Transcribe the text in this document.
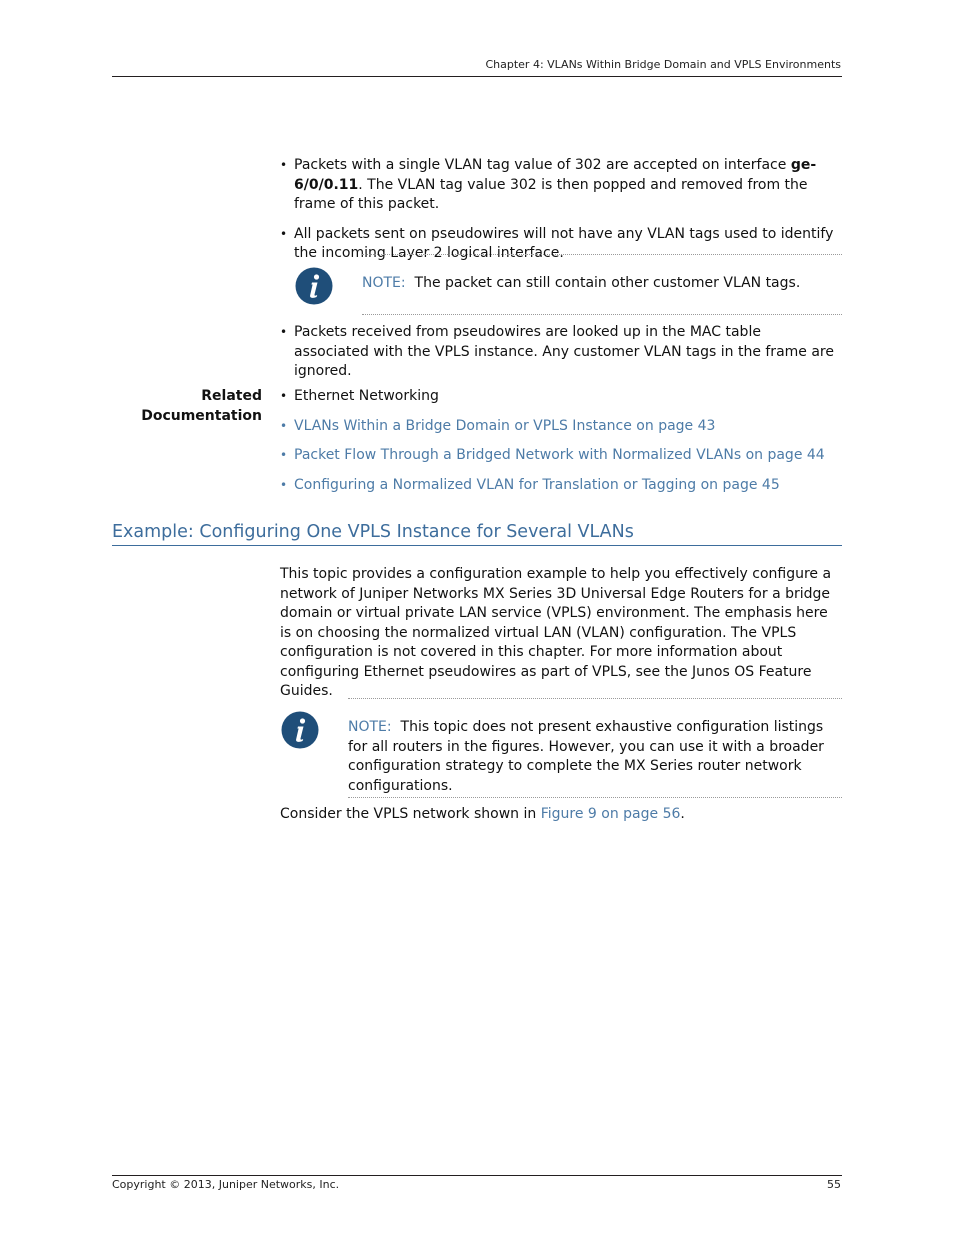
Chapter 4: VLANs Within Bridge Domain and VPLS Environments
• Packets with a single VLAN tag value of 302 are accepted on interface ge-6/0/0.11. The VLAN tag value 302 is then popped and removed from the frame of this packet.
• All packets sent on pseudowires will not have any VLAN tags used to identify the incoming Layer 2 logical interface.
NOTE: The packet can still contain other customer VLAN tags.
• Packets received from pseudowires are looked up in the MAC table associated with the VPLS instance. Any customer VLAN tags in the frame are ignored.
Related
Documentation
• Ethernet Networking
• VLANs Within a Bridge Domain or VPLS Instance on page 43
• Packet Flow Through a Bridged Network with Normalized VLANs on page 44
• Configuring a Normalized VLAN for Translation or Tagging on page 45
Example: Configuring One VPLS Instance for Several VLANs
This topic provides a configuration example to help you effectively configure a network of Juniper Networks MX Series 3D Universal Edge Routers for a bridge domain or virtual private LAN service (VPLS) environment. The emphasis here is on choosing the normalized virtual LAN (VLAN) configuration. The VPLS configuration is not covered in this chapter. For more information about configuring Ethernet pseudowires as part of VPLS, see the Junos OS Feature Guides.
NOTE: This topic does not present exhaustive configuration listings for all routers in the figures. However, you can use it with a broader configuration strategy to complete the MX Series router network configurations.
Consider the VPLS network shown in Figure 9 on page 56.
Copyright © 2013, Juniper Networks, Inc.	55
